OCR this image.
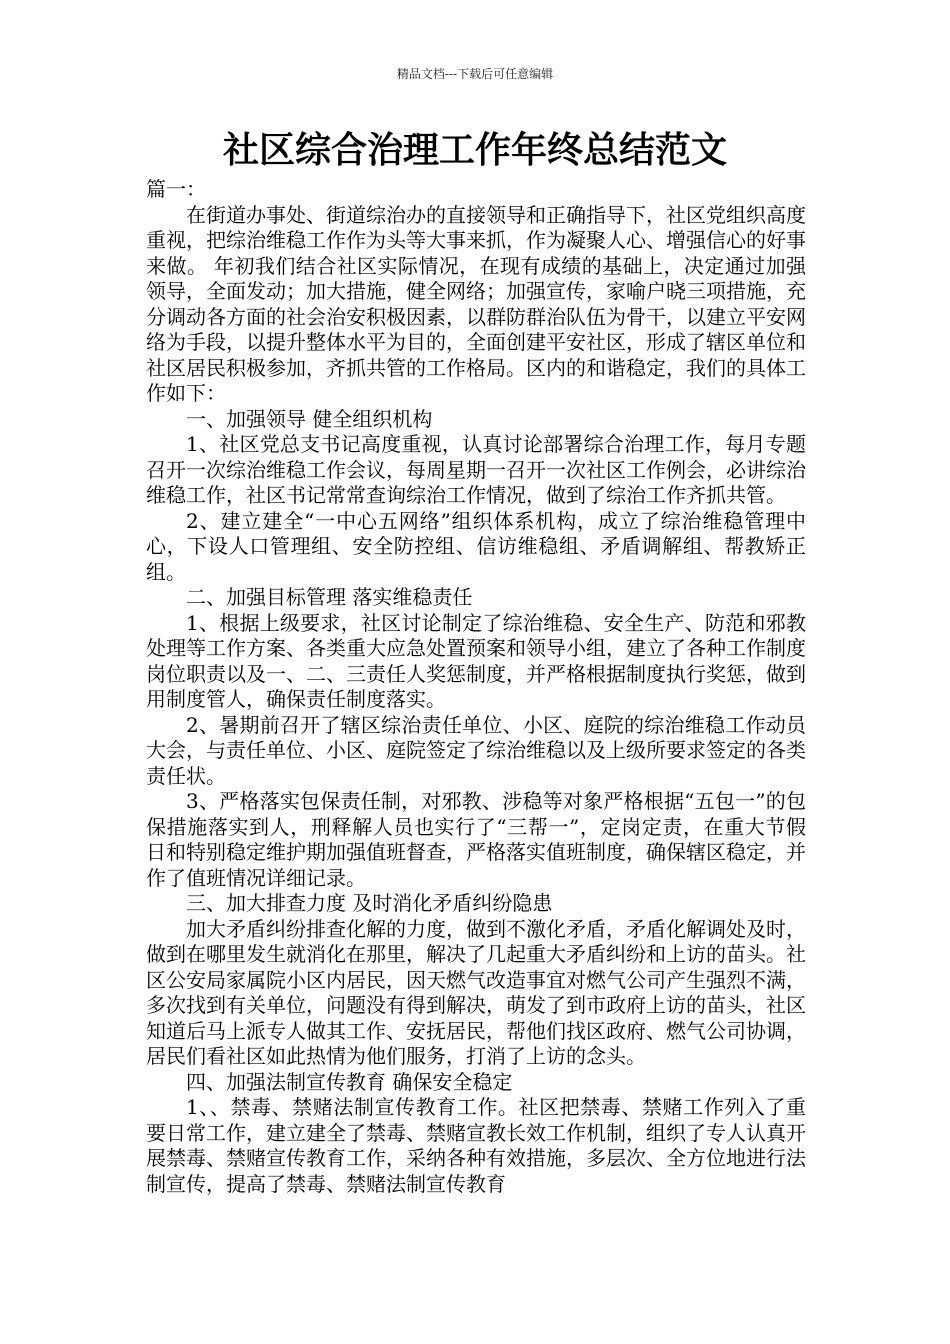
精品文档---下载后可任意编辑
社区综合治理工作年终总结范文

篇一：

在街道办事处、街道综治办的直接领导和正确指导下，社区党组织高度重视，把综治维稳工作作为头等大事来抓，作为凝聚人心、增强信心的好事来做。 年初我们结合社区实际情况，在现有成绩的基础上，决定通过加强领导，全面发动；加大措施，健全网络；加强宣传，家喻户晓三项措施，充分调动各方面的社会治安积极因素，以群防群治队伍为骨干，以建立平安网络为手段，以提升整体水平为目的，全面创建平安社区，形成了辖区单位和社区居民积极参加，齐抓共管的工作格局。区内的和谐稳定，我们的具体工作如下：

一、加强领导 健全组织机构

1、社区党总支书记高度重视，认真讨论部署综合治理工作，每月专题召开一次综治维稳工作会议，每周星期一召开一次社区工作例会，必讲综治维稳工作，社区书记常常查询综治工作情况，做到了综治工作齐抓共管。

2、建立建全“一中心五网络”组织体系机构，成立了综治维稳管理中心，下设人口管理组、安全防控组、信访维稳组、矛盾调解组、帮教矫正组。

二、加强目标管理 落实维稳责任

1、根据上级要求，社区讨论制定了综治维稳、安全生产、防范和邪教处理等工作方案、各类重大应急处置预案和领导小组，建立了各种工作制度岗位职责以及一、二、三责任人奖惩制度，并严格根据制度执行奖惩，做到用制度管人，确保责任制度落实。

2、暑期前召开了辖区综治责任单位、小区、庭院的综治维稳工作动员大会，与责任单位、小区、庭院签定了综治维稳以及上级所要求签定的各类责任状。

3、严格落实包保责任制，对邪教、涉稳等对象严格根据“五包一”的包保措施落实到人，刑释解人员也实行了“三帮一”，定岗定责，在重大节假日和特别稳定维护期加强值班督查，严格落实值班制度，确保辖区稳定，并作了值班情况详细记录。

三、加大排查力度 及时消化矛盾纠纷隐患

加大矛盾纠纷排查化解的力度，做到不激化矛盾，矛盾化解调处及时，做到在哪里发生就消化在那里，解决了几起重大矛盾纠纷和上访的苗头。社区公安局家属院小区内居民，因天燃气改造事宜对燃气公司产生强烈不满，多次找到有关单位，问题没有得到解决，萌发了到市政府上访的苗头，社区知道后马上派专人做其工作、安抚居民，帮他们找区政府、燃气公司协调，居民们看社区如此热情为他们服务，打消了上访的念头。

四、加强法制宣传教育 确保安全稳定

1、、禁毒、禁赌法制宣传教育工作。社区把禁毒、禁赌工作列入了重要日常工作，建立建全了禁毒、禁赌宣教长效工作机制，组织了专人认真开展禁毒、禁赌宣传教育工作，采纳各种有效措施，多层次、全方位地进行法制宣传，提高了禁毒、禁赌法制宣传教育
